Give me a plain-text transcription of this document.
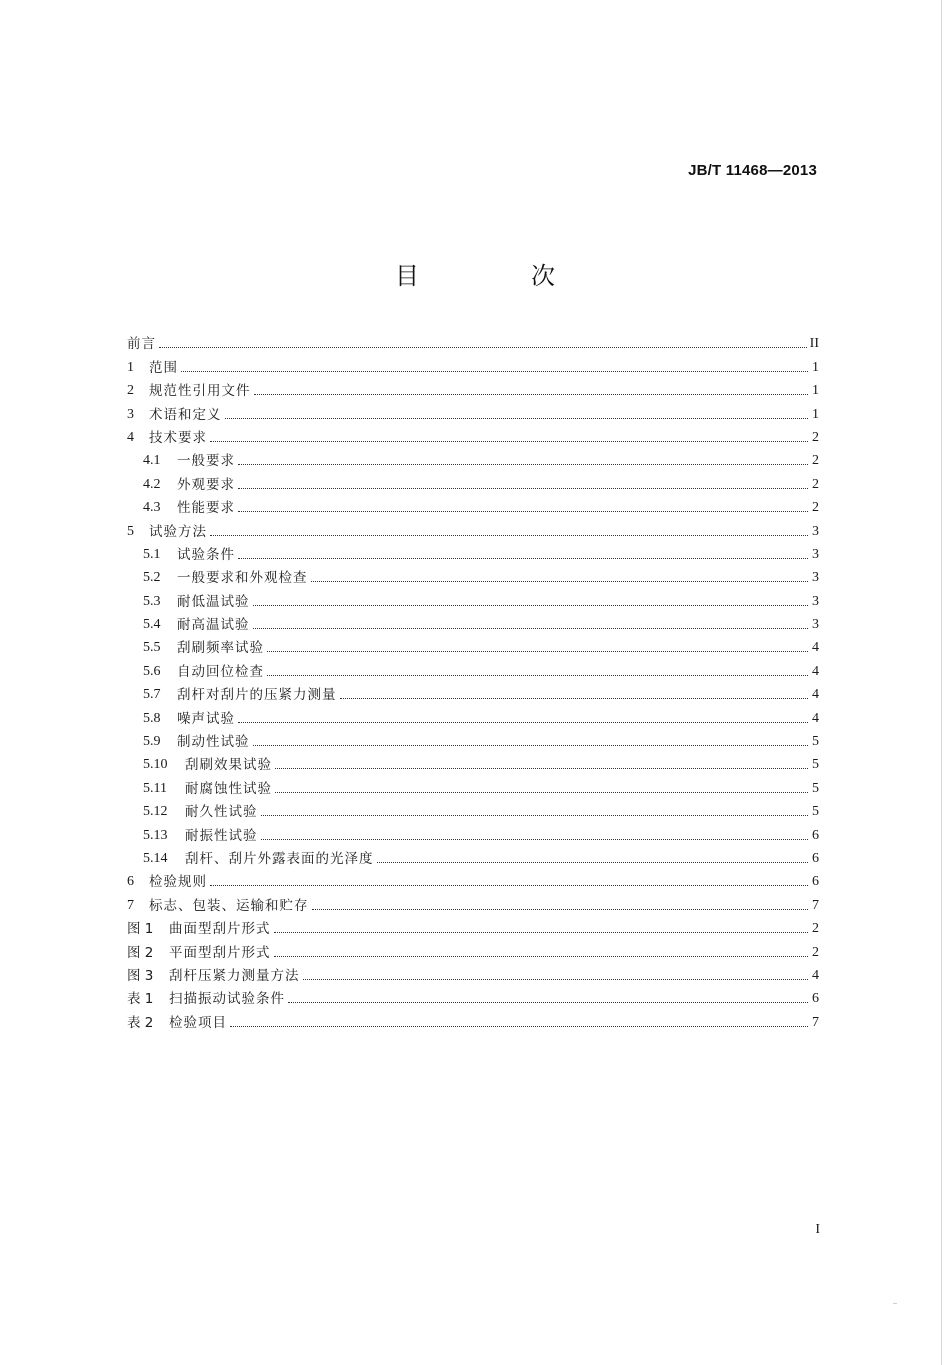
JB/T 11468—2013
目　次
前言	II
1	范围	1
2	规范性引用文件	1
3	术语和定义	1
4	技术要求	2
4.1	一般要求	2
4.2	外观要求	2
4.3	性能要求	2
5	试验方法	3
5.1	试验条件	3
5.2	一般要求和外观检查	3
5.3	耐低温试验	3
5.4	耐高温试验	3
5.5	刮刷频率试验	4
5.6	自动回位检查	4
5.7	刮杆对刮片的压紧力测量	4
5.8	噪声试验	4
5.9	制动性试验	5
5.10	刮刷效果试验	5
5.11	耐腐蚀性试验	5
5.12	耐久性试验	5
5.13	耐振性试验	6
5.14	刮杆、刮片外露表面的光泽度	6
6	检验规则	6
7	标志、包装、运输和贮存	7
图 1	曲面型刮片形式	2
图 2	平面型刮片形式	2
图 3	刮杆压紧力测量方法	4
表 1	扫描振动试验条件	6
表 2	检验项目	7
I
